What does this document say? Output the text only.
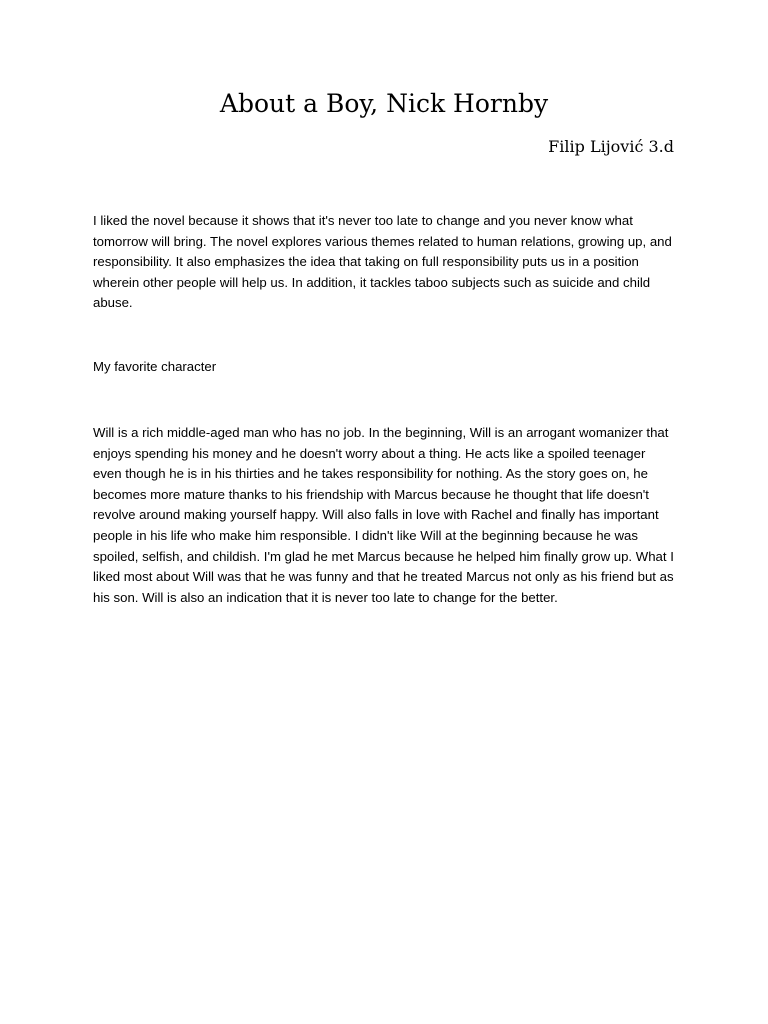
About a Boy, Nick Hornby
Filip Lijović 3.d

I liked the novel because it shows that it's never too late to change and you never know what tomorrow will bring. The novel explores various themes related to human relations, growing up, and responsibility. It also emphasizes the idea that taking on full responsibility puts us in a position wherein other people will help us. In addition, it tackles taboo subjects such as suicide and child abuse.

My favorite character

Will is a rich middle-aged man who has no job. In the beginning, Will is an arrogant womanizer that enjoys spending his money and he doesn't worry about a thing. He acts like a spoiled teenager even though he is in his thirties and he takes responsibility for nothing. As the story goes on, he becomes more mature thanks to his friendship with Marcus because he thought that life doesn't revolve around making yourself happy. Will also falls in love with Rachel and finally has important people in his life who make him responsible. I didn't like Will at the beginning because he was spoiled, selfish, and childish. I'm glad he met Marcus because he helped him finally grow up. What I liked most about Will was that he was funny and that he treated Marcus not only as his friend but as his son. Will is also an indication that it is never too late to change for the better.
